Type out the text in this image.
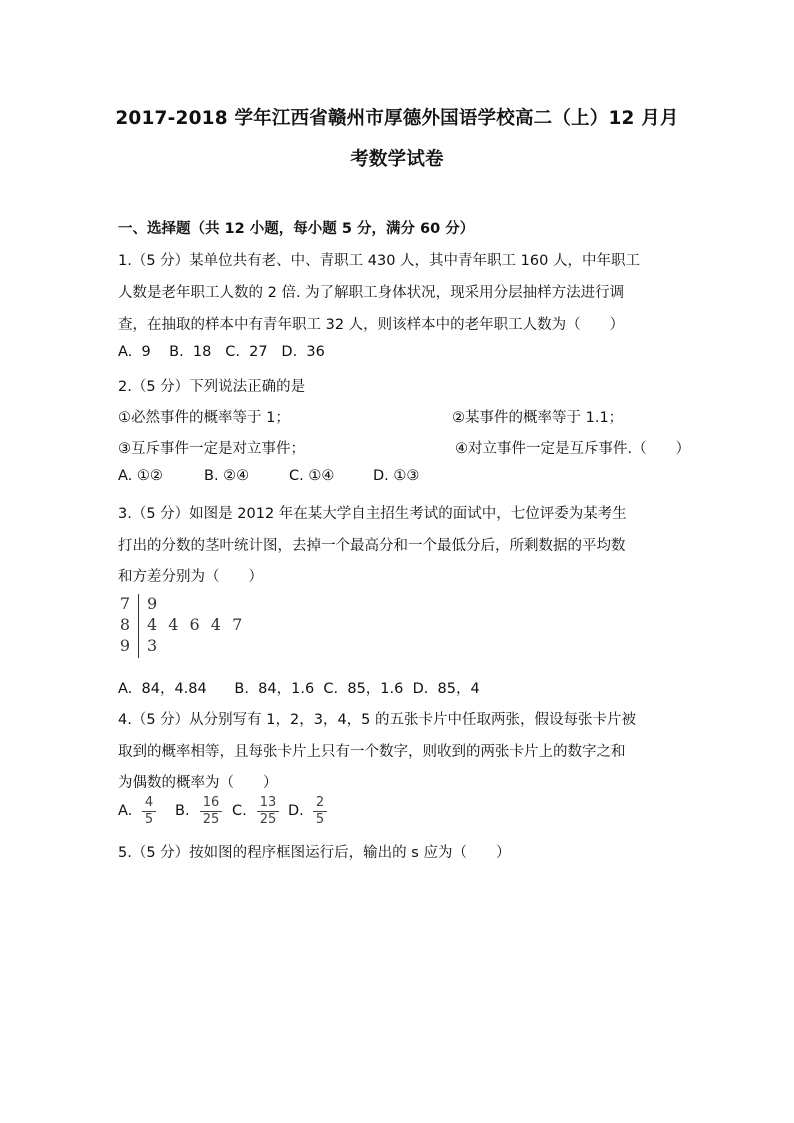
2017-2018 学年江西省赣州市厚德外国语学校高二（上）12 月月
考数学试卷
一、选择题（共 12 小题，每小题 5 分，满分 60 分）
1.（5 分）某单位共有老、中、青职工 430 人，其中青年职工 160 人，中年职工
人数是老年职工人数的 2 倍. 为了解职工身体状况，现采用分层抽样方法进行调
查，在抽取的样本中有青年职工 32 人，则该样本中的老年职工人数为（　　）
A.  9    B.  18   C.  27   D.  36
2.（5 分）下列说法正确的是
①必然事件的概率等于 1；	②某事件的概率等于 1.1；
③互斥事件一定是对立事件；	④对立事件一定是互斥事件.（　　）
A. ①②	B. ②④	C. ①④	D. ①③
3.（5 分）如图是 2012 年在某大学自主招生考试的面试中，七位评委为某考生
打出的分数的茎叶统计图，去掉一个最高分和一个最低分后，所剩数据的平均数
和方差分别为（　　）
7 9
8 4 4 6 4 7
9 3
A.  84，4.84      B.  84，1.6  C.  85，1.6  D.  85，4
4.（5 分）从分别写有 1，2，3，4，5 的五张卡片中任取两张，假设每张卡片被
取到的概率相等，且每张卡片上只有一个数字，则收到的两张卡片上的数字之和
为偶数的概率为（　　）
A.
4
5
B.
16
25
C.
13
25
D.
2
5
5.（5 分）按如图的程序框图运行后，输出的 s 应为（　　）
